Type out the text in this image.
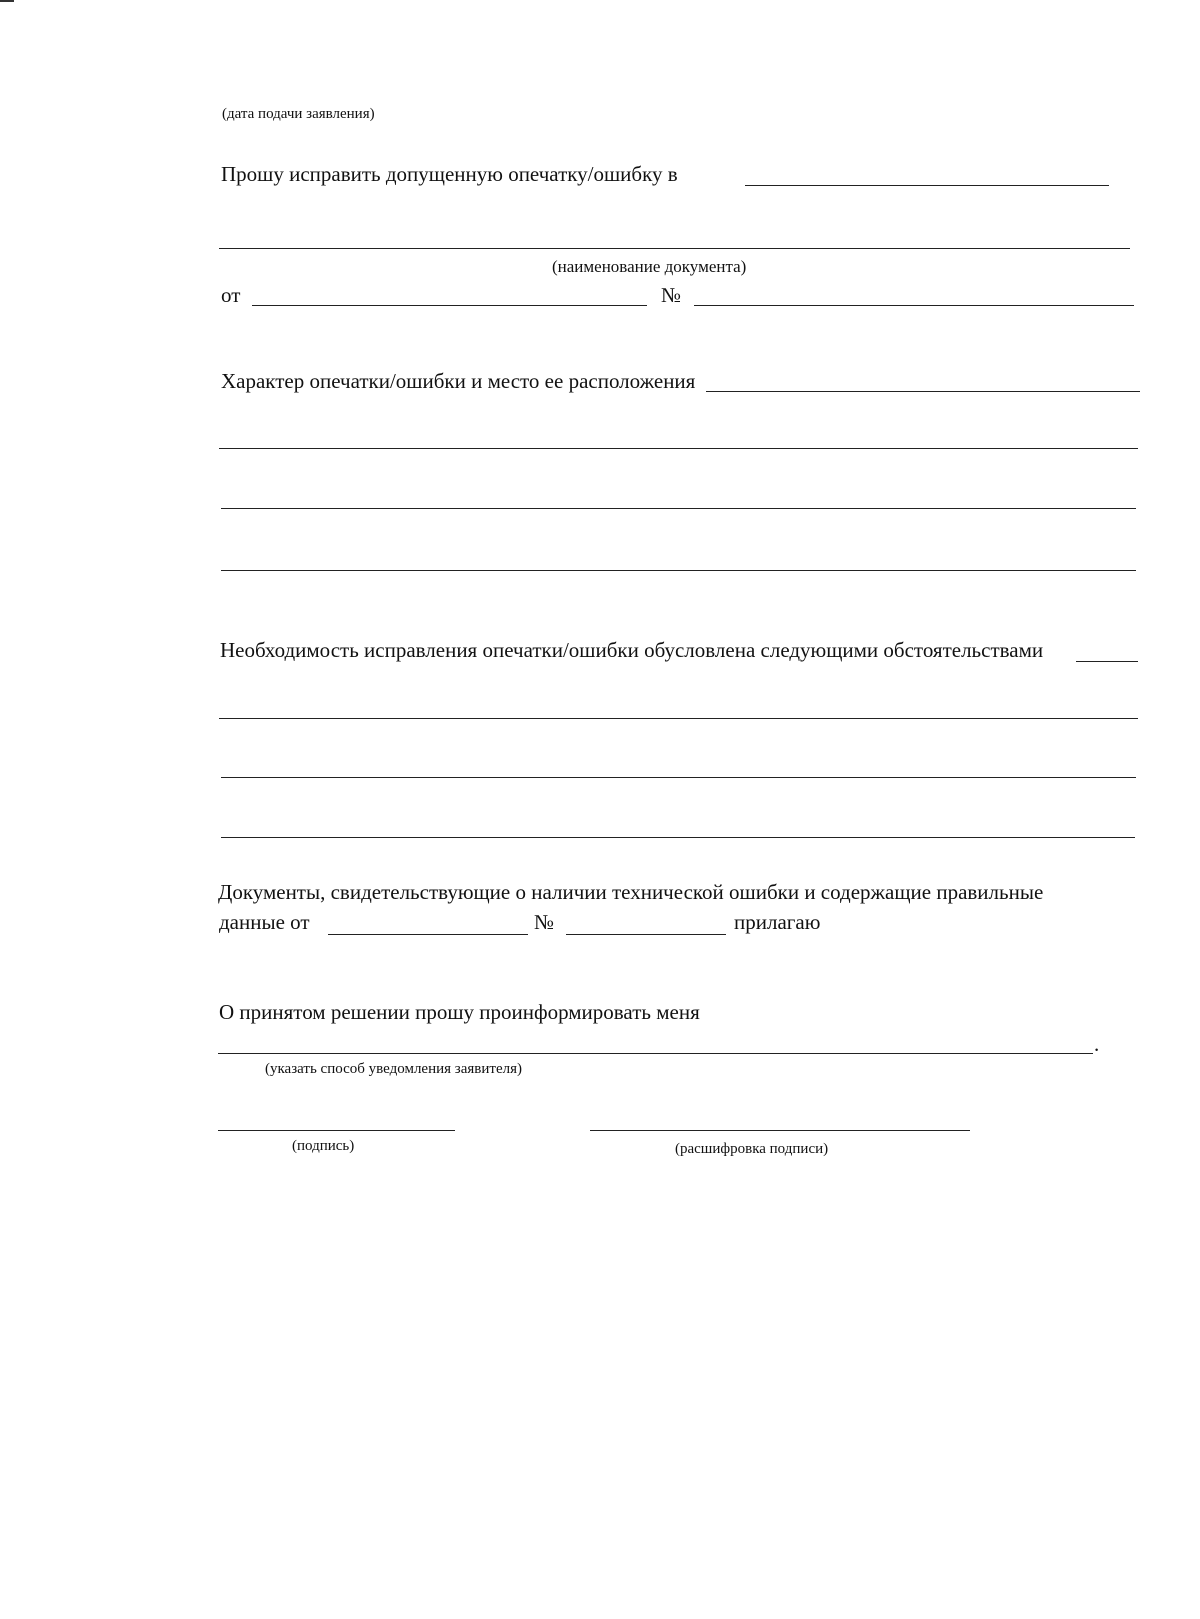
(дата подачи заявления)
Прошу исправить допущенную опечатку/ошибку в
(наименование документа)
от	№
Характер опечатки/ошибки и место ее расположения
Необходимость исправления опечатки/ошибки обусловлена следующими обстоятельствами
Документы, свидетельствующие о наличии технической ошибки и содержащие правильные
данные от	№	прилагаю
О принятом решении прошу проинформировать меня
.
(указать способ уведомления заявителя)
(подпись)	(расшифровка подписи)
